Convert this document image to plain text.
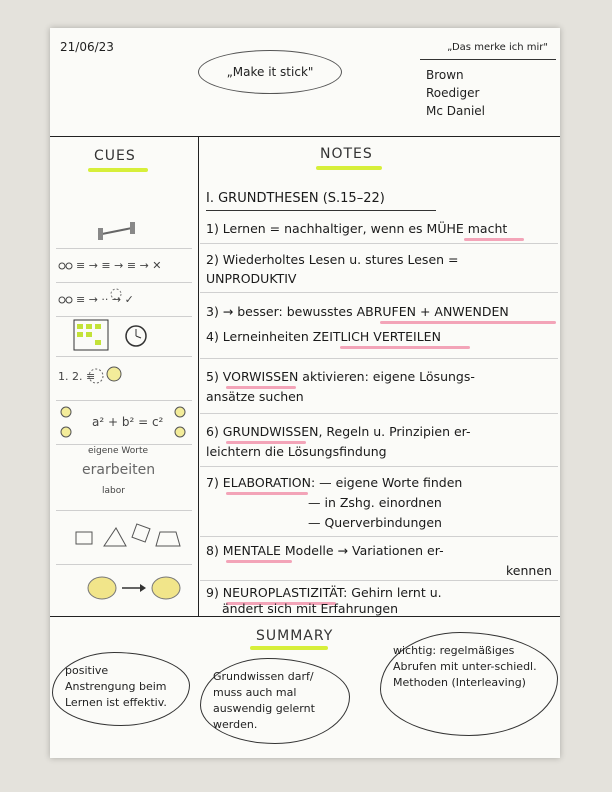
21/06/23
„Make it stick"
„Das merke ich mir"
Brown
Roediger
Mc Daniel
CUES	NOTES
I. GRUNDTHESEN (S.15–22)
≡ → ≡ → ≡ → ✕
≡ → ·· → ✓
1. 2. ≡
a² + b² = c²
eigene Worte
erarbeiten
labor
1) Lernen = nachhaltiger, wenn es MÜHE macht
2) Wiederholtes Lesen u. stures Lesen =
UNPRODUKTIV
3) → besser: bewusstes ABRUFEN + ANWENDEN
4) Lerneinheiten ZEITLICH VERTEILEN
5) VORWISSEN aktivieren: eigene Lösungs-
ansätze suchen
6) GRUNDWISSEN, Regeln u. Prinzipien er-
leichtern die Lösungsfindung
7) ELABORATION: — eigene Worte finden
— in Zshg. einordnen
— Querverbindungen
8) MENTALE Modelle → Variationen er-
kennen
9) NEUROPLASTIZITÄT: Gehirn lernt u.
ändert sich mit Erfahrungen
SUMMARY
positive Anstrengung beim Lernen ist effektiv.
Grundwissen darf/ muss auch mal auswendig gelernt werden.
wichtig: regelmäßiges Abrufen mit unter-schiedl. Methoden (Interleaving)
